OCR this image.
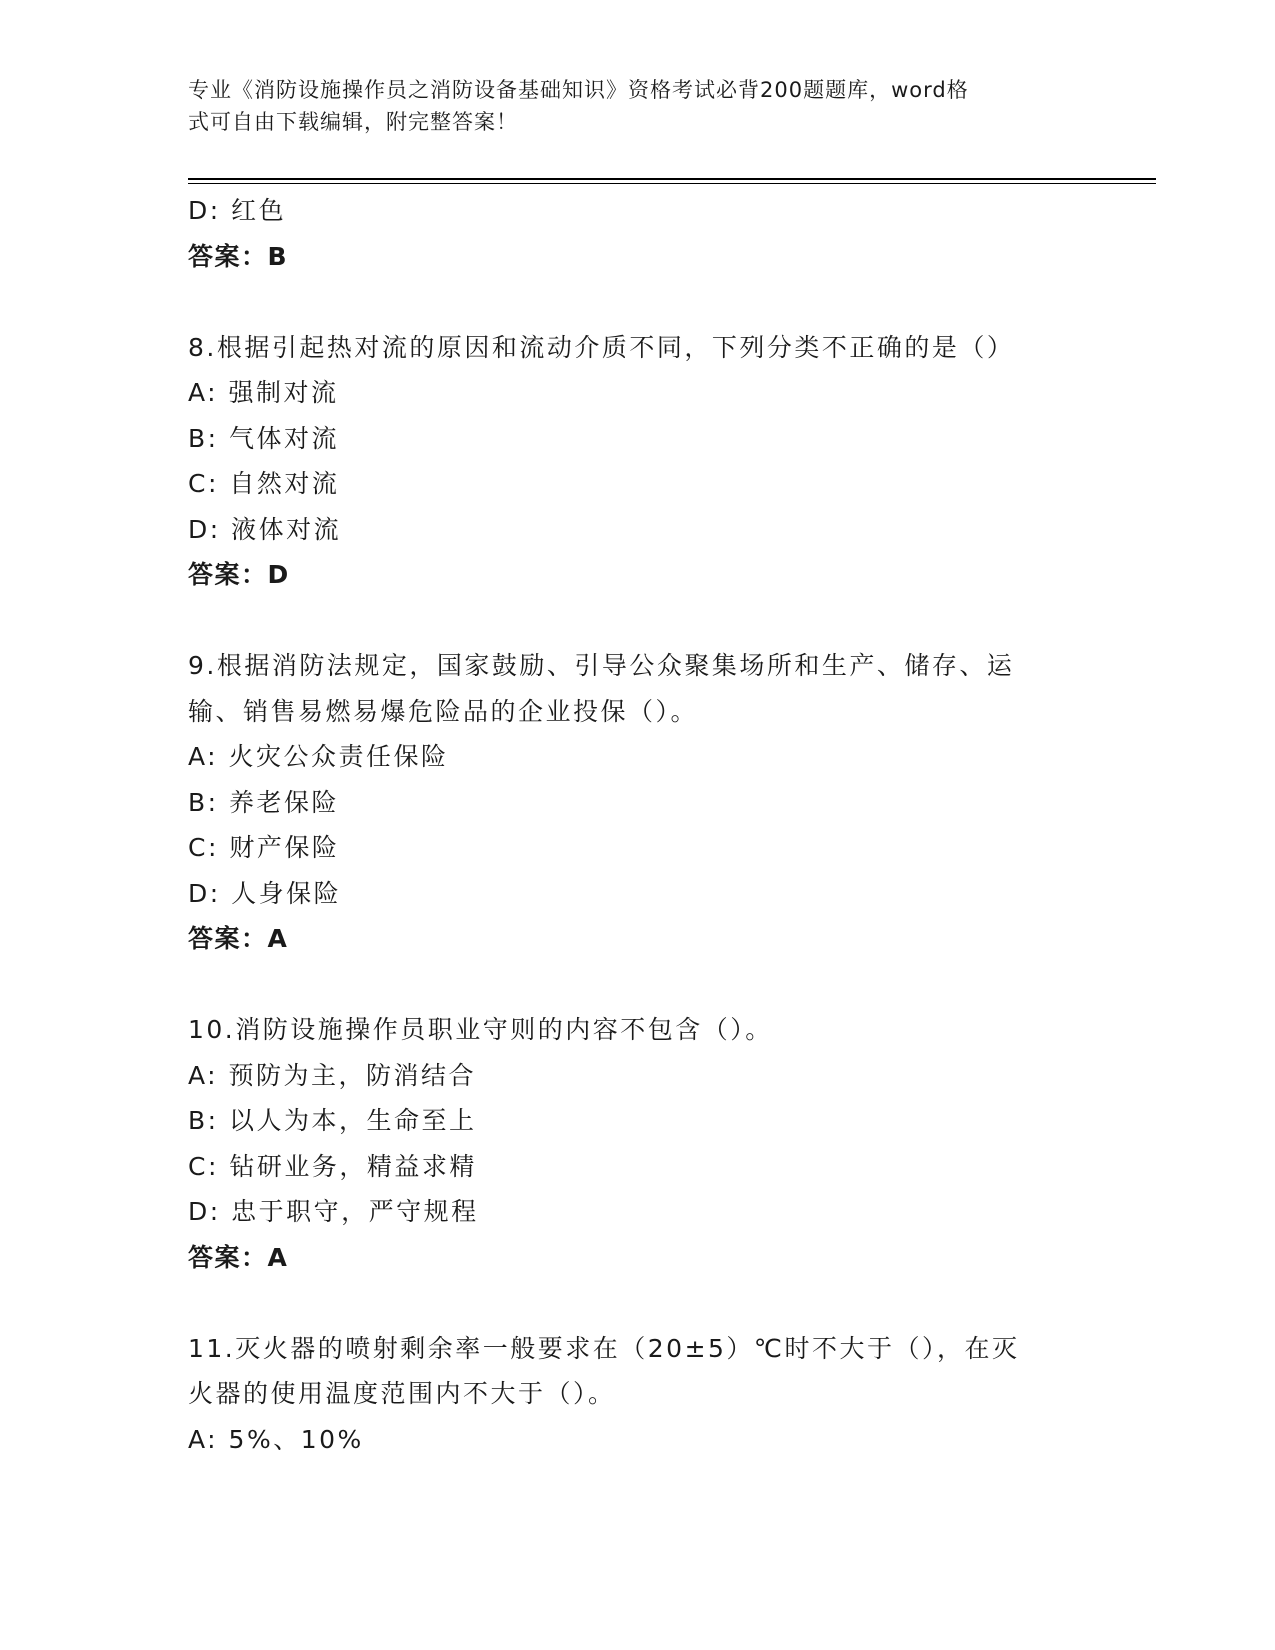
专业《消防设施操作员之消防设备基础知识》资格考试必背200题题库，word格
式可自由下载编辑，附完整答案！
D: 红色
答案：B
8.根据引起热对流的原因和流动介质不同，下列分类不正确的是（）
A: 强制对流
B: 气体对流
C: 自然对流
D: 液体对流
答案：D
9.根据消防法规定，国家鼓励、引导公众聚集场所和生产、储存、运
输、销售易燃易爆危险品的企业投保（）。
A: 火灾公众责任保险
B: 养老保险
C: 财产保险
D: 人身保险
答案：A
10.消防设施操作员职业守则的内容不包含（）。
A: 预防为主，防消结合
B: 以人为本，生命至上
C: 钻研业务，精益求精
D: 忠于职守，严守规程
答案：A
11.灭火器的喷射剩余率一般要求在（20±5）℃时不大于（），在灭
火器的使用温度范围内不大于（）。
A: 5%、10%
